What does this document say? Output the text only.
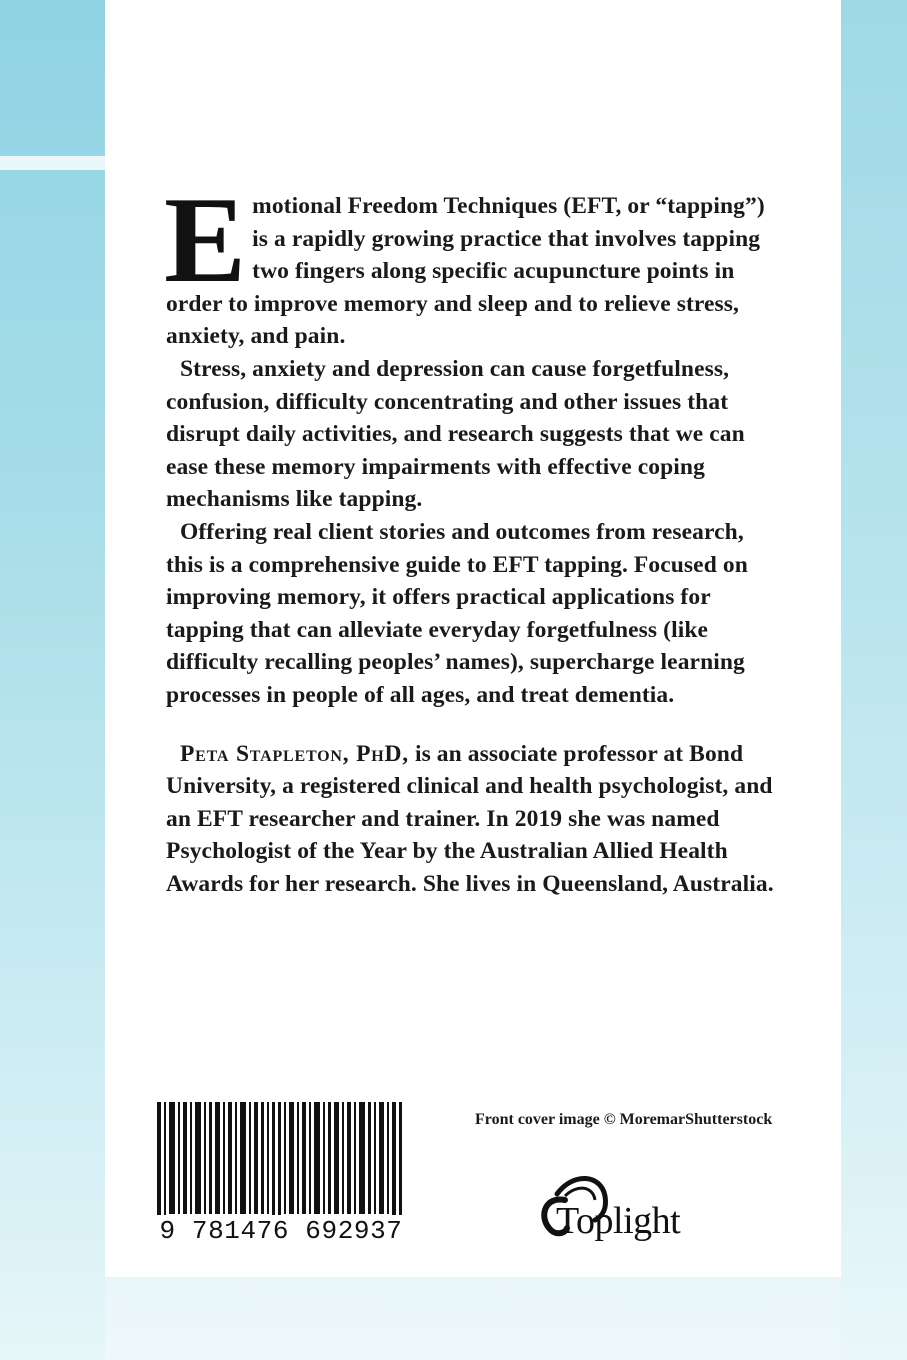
Emotional Freedom Techniques (EFT, or “tapping”) is a rapidly growing practice that involves tapping two fingers along specific acupuncture points in order to improve memory and sleep and to relieve stress, anxiety, and pain.

Stress, anxiety and depression can cause forgetfulness, confusion, difficulty concentrating and other issues that disrupt daily activities, and research suggests that we can ease these memory impairments with effective coping mechanisms like tapping.

Offering real client stories and outcomes from research, this is a comprehensive guide to EFT tapping. Focused on improving memory, it offers practical applications for tapping that can alleviate everyday forgetfulness (like difficulty recalling peoples’ names), supercharge learning processes in people of all ages, and treat dementia.

Peta Stapleton, PhD, is an associate professor at Bond University, a registered clinical and health psychologist, and an EFT researcher and trainer. In 2019 she was named Psychologist of the Year by the Australian Allied Health Awards for her research. She lives in Queensland, Australia.

9 781476 692937
Front cover image © MoremarShutterstock
Toplight
